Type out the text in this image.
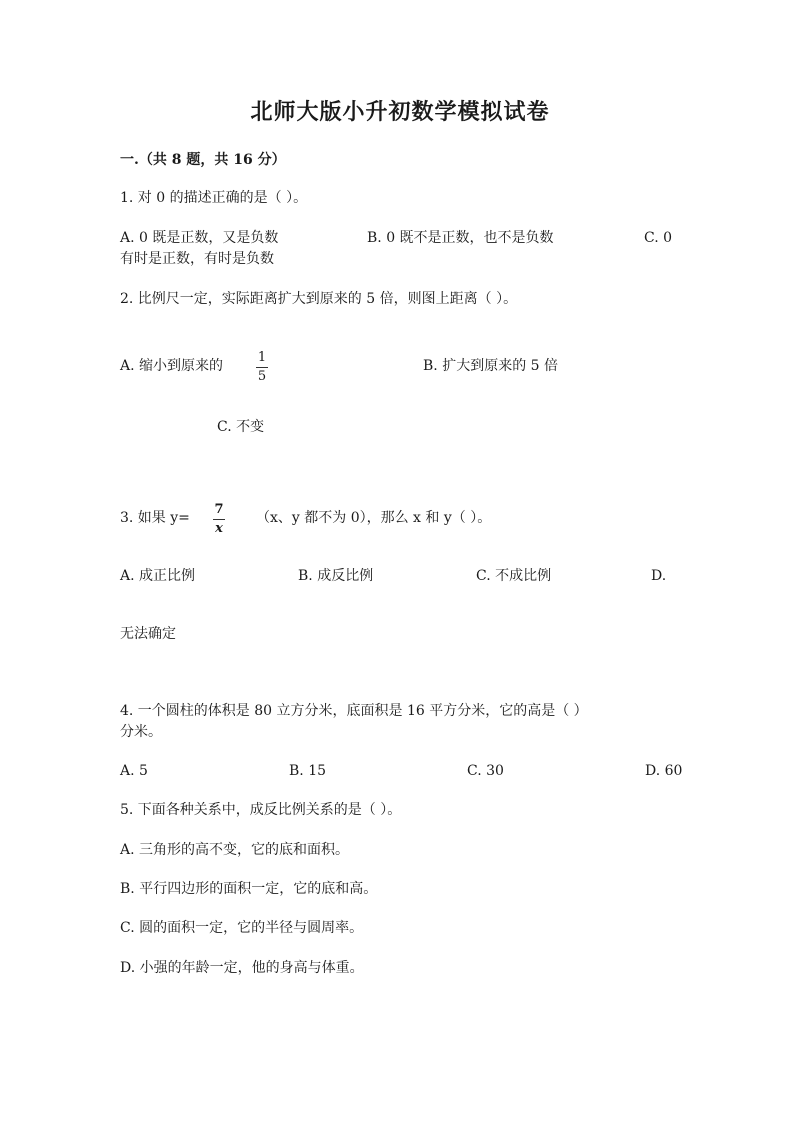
北师大版小升初数学模拟试卷
一.（共 8 题，共 16 分）
1. 对 0 的描述正确的是（ ）。
A. 0 既是正数，又是负数	B. 0 既不是正数，也不是负数	C. 0
有时是正数，有时是负数
2. 比例尺一定，实际距离扩大到原来的 5 倍，则图上距离（ ）。
A. 缩小到原来的
1
5
B. 扩大到原来的 5 倍
C. 不变
3. 如果 y=
7
x
（x、y 都不为 0），那么 x 和 y（ ）。
A. 成正比例	B. 成反比例	C. 不成比例	D.
无法确定
4. 一个圆柱的体积是 80 立方分米，底面积是 16 平方分米，它的高是（ ）
分米。
A. 5	B. 15	C. 30	D. 60
5. 下面各种关系中，成反比例关系的是（ ）。
A. 三角形的高不变，它的底和面积。
B. 平行四边形的面积一定，它的底和高。
C. 圆的面积一定，它的半径与圆周率。
D. 小强的年龄一定，他的身高与体重。
